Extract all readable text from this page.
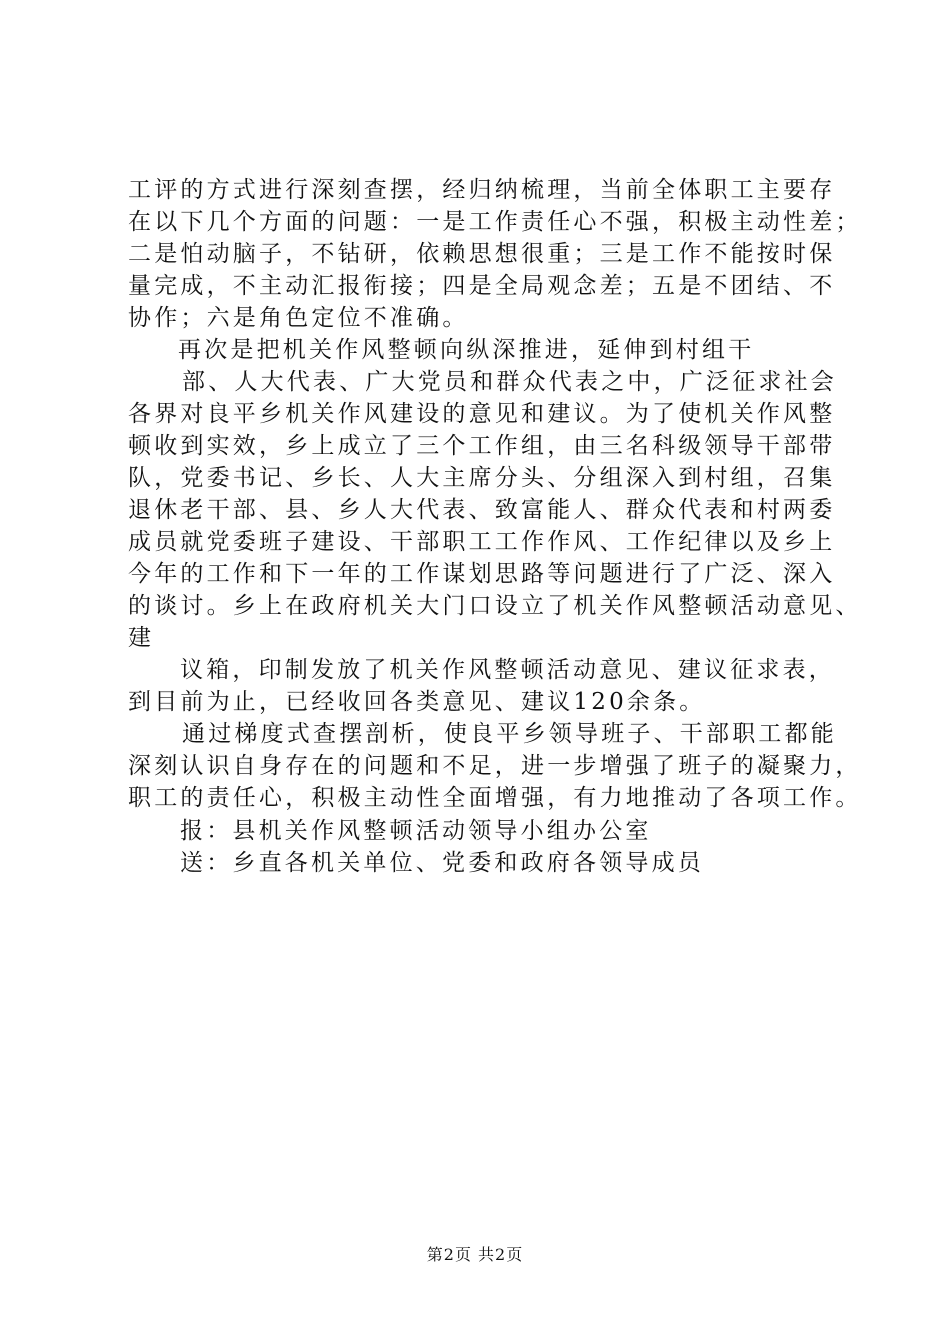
工评的方式进行深刻查摆，经归纳梳理，当前全体职工主要存
在以下几个方面的问题：一是工作责任心不强，积极主动性差；
二是怕动脑子，不钻研，依赖思想很重；三是工作不能按时保
量完成，不主动汇报衔接；四是全局观念差；五是不团结、不
协作；六是角色定位不准确。
再次是把机关作风整顿向纵深推进，延伸到村组干
部、人大代表、广大党员和群众代表之中，广泛征求社会
各界对良平乡机关作风建设的意见和建议。为了使机关作风整
顿收到实效，乡上成立了三个工作组，由三名科级领导干部带
队，党委书记、乡长、人大主席分头、分组深入到村组，召集
退休老干部、县、乡人大代表、致富能人、群众代表和村两委
成员就党委班子建设、干部职工工作作风、工作纪律以及乡上
今年的工作和下一年的工作谋划思路等问题进行了广泛、深入
的谈讨。乡上在政府机关大门口设立了机关作风整顿活动意见、
建
议箱，印制发放了机关作风整顿活动意见、建议征求表，
到目前为止，已经收回各类意见、建议120余条。
通过梯度式查摆剖析，使良平乡领导班子、干部职工都能
深刻认识自身存在的问题和不足，进一步增强了班子的凝聚力，
职工的责任心，积极主动性全面增强，有力地推动了各项工作。
报：县机关作风整顿活动领导小组办公室
送：乡直各机关单位、党委和政府各领导成员
第2页 共2页
